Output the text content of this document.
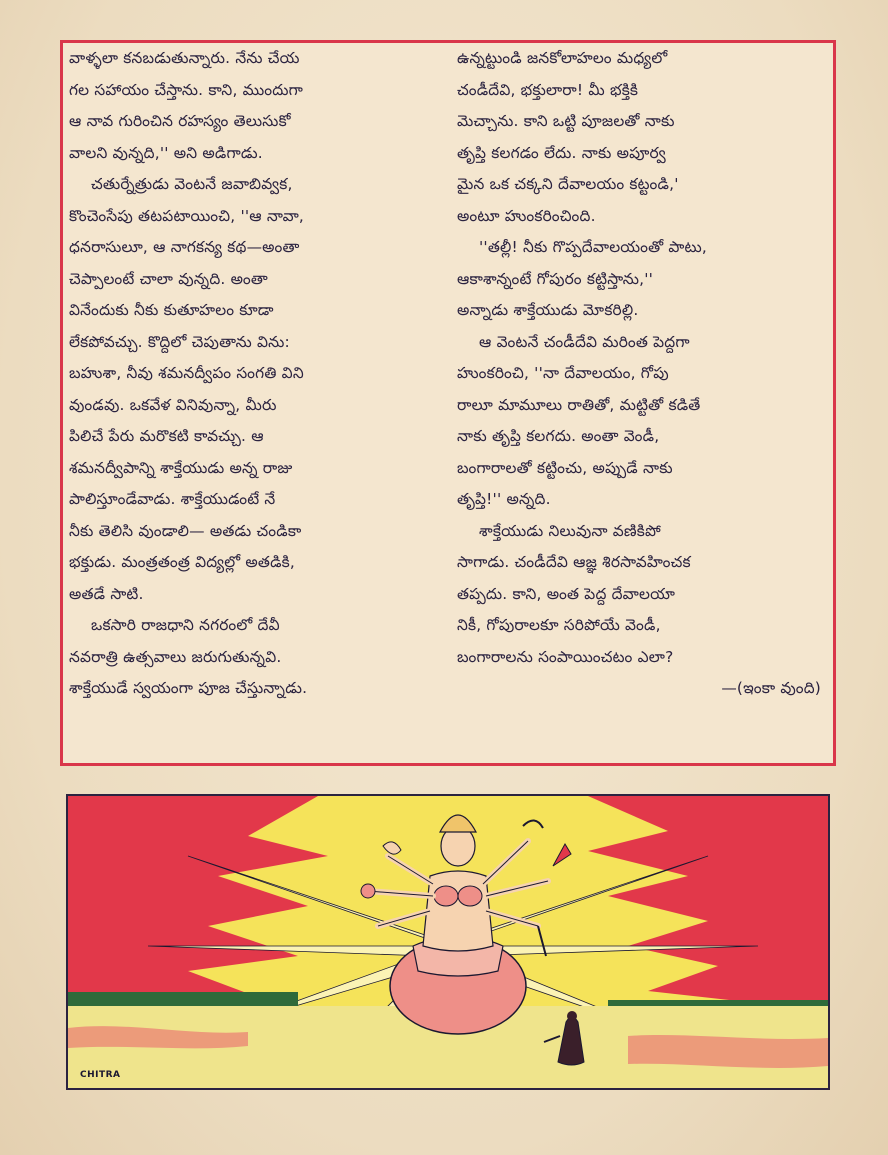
వాళ్ళలా కనబడుతున్నారు. నేను చేయ

గల సహాయం చేస్తాను. కాని, ముందుగా

ఆ నావ గురించిన రహస్యం తెలుసుకో

వాలని వున్నది,'' అని అడిగాడు.

చతుర్నేత్రుడు వెంటనే జవాబివ్వక,

కొంచెంసేపు తటపటాయించి, ''ఆ నావా,

ధనరాసులూ, ఆ నాగకన్య కథ—అంతా

చెప్పాలంటే చాలా వున్నది. అంతా

వినేందుకు నీకు కుతూహలం కూడా

లేకపోవచ్చు. కొద్దిలో చెపుతాను విను:

బహుశా, నీవు శమనద్వీపం సంగతి విని

వుండవు. ఒకవేళ వినివున్నా, మీరు

పిలిచే పేరు మరొకటి కావచ్చు. ఆ

శమనద్వీపాన్ని శాక్తేయుడు అన్న రాజు

పాలిస్తూండేవాడు. శాక్తేయుడంటే నే

నీకు తెలిసి వుండాలి— అతడు చండికా

భక్తుడు. మంత్రతంత్ర విద్యల్లో అతడికి,

అతడే సాటి.

ఒకసారి రాజధాని నగరంలో దేవీ

నవరాత్రి ఉత్సవాలు జరుగుతున్నవి.

శాక్తేయుడే స్వయంగా పూజ చేస్తున్నాడు.

ఉన్నట్టుండి జనకోలాహలం మధ్యలో

చండీదేవి, భక్తులారా! మీ భక్తికి

మెచ్చాను. కాని ఒట్టి పూజలతో నాకు

తృప్తి కలగడం లేదు. నాకు అపూర్వ

మైన ఒక చక్కని దేవాలయం కట్టండి,'

అంటూ హుంకరించింది.

''తల్లీ! నీకు గొప్పదేవాలయంతో పాటు,

ఆకాశాన్నంటే గోపురం కట్టిస్తాను,''

అన్నాడు శాక్తేయుడు మోకరిల్లి.

ఆ వెంటనే చండీదేవి మరింత పెద్దగా

హుంకరించి, ''నా దేవాలయం, గోపు

రాలూ మామూలు రాతితో, మట్టితో కడితే

నాకు తృప్తి కలగదు. అంతా వెండీ,

బంగారాలతో కట్టించు, అప్పుడే నాకు

తృప్తి!'' అన్నది.

శాక్తేయుడు నిలువునా వణికిపో

సాగాడు. చండీదేవి ఆజ్ఞ శిరసావహించక

తప్పదు. కాని, అంత పెద్ద దేవాలయా

నికీ, గోపురాలకూ సరిపోయే వెండీ,

బంగారాలను సంపాయించటం ఎలా?

—(ఇంకా వుంది)

CHITRA
